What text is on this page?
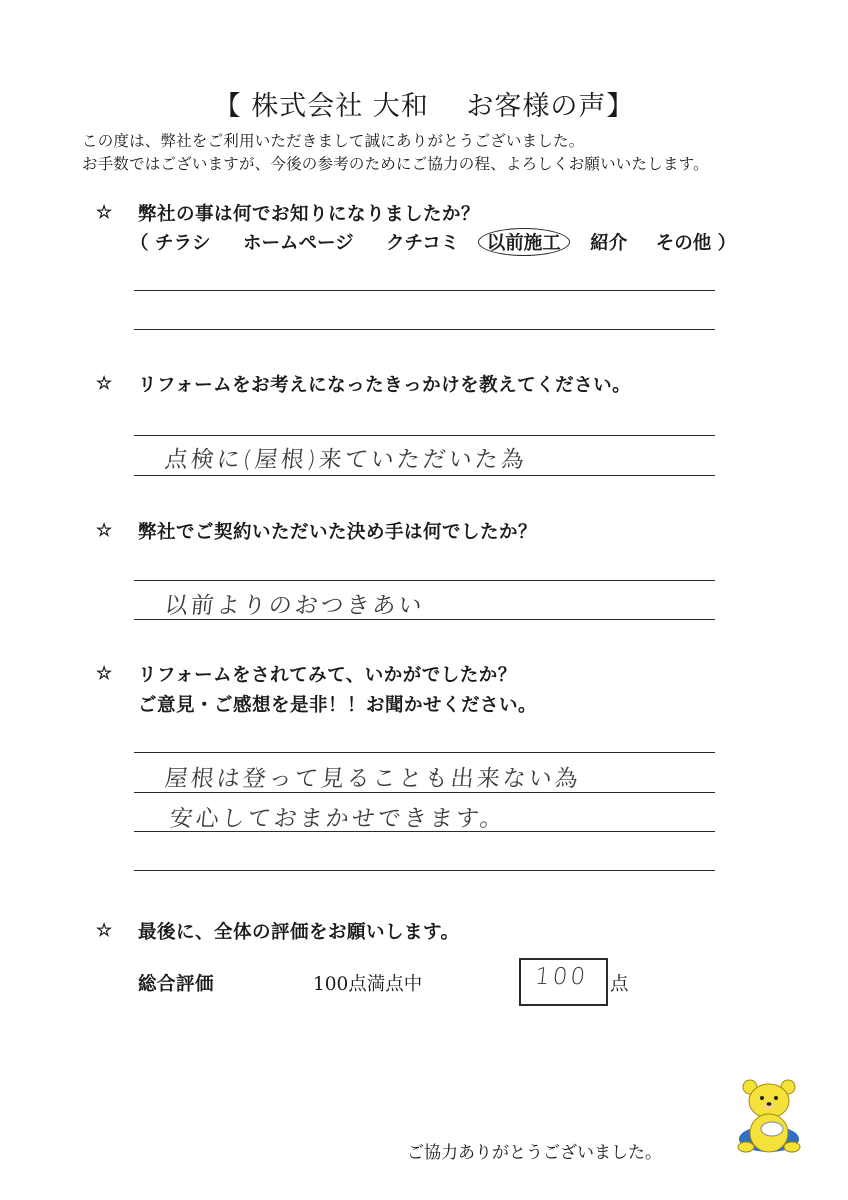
【 株式会社 大和　 お客様の声】
この度は、弊社をご利用いただきまして誠にありがとうございました。
お手数ではございますが、今後の参考のためにご協力の程、よろしくお願いいたします。
☆ 弊社の事は何でお知りになりましたか？
（ チラシ ホームページ クチコミ 以前施工 紹介 その他 ）
☆ リフォームをお考えになったきっかけを教えてください。
点検に(屋根)来ていただいた為
☆ 弊社でご契約いただいた決め手は何でしたか？
以前よりのおつきあい
☆ リフォームをされてみて、いかがでしたか？
ご意見・ご感想を是非！！お聞かせください。
屋根は登って見ることも出来ない為
安心しておまかせできます。
☆ 最後に、全体の評価をお願いします。
総合評価	100点満点中	100	点
ご協力ありがとうございました。
